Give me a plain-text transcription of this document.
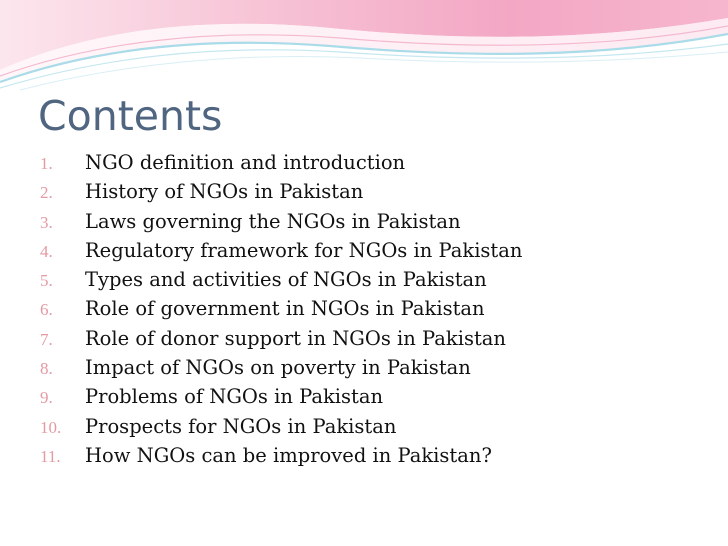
Contents
1.	NGO definition and introduction
2.	History of NGOs in Pakistan
3.	Laws governing the NGOs in Pakistan
4.	Regulatory framework for NGOs in Pakistan
5.	Types and activities of NGOs in Pakistan
6.	Role of government in NGOs in Pakistan
7.	Role of donor support in NGOs in Pakistan
8.	Impact of NGOs on poverty in Pakistan
9.	Problems of NGOs in Pakistan
10.	Prospects for NGOs in Pakistan
11.	How NGOs can be improved in Pakistan?
